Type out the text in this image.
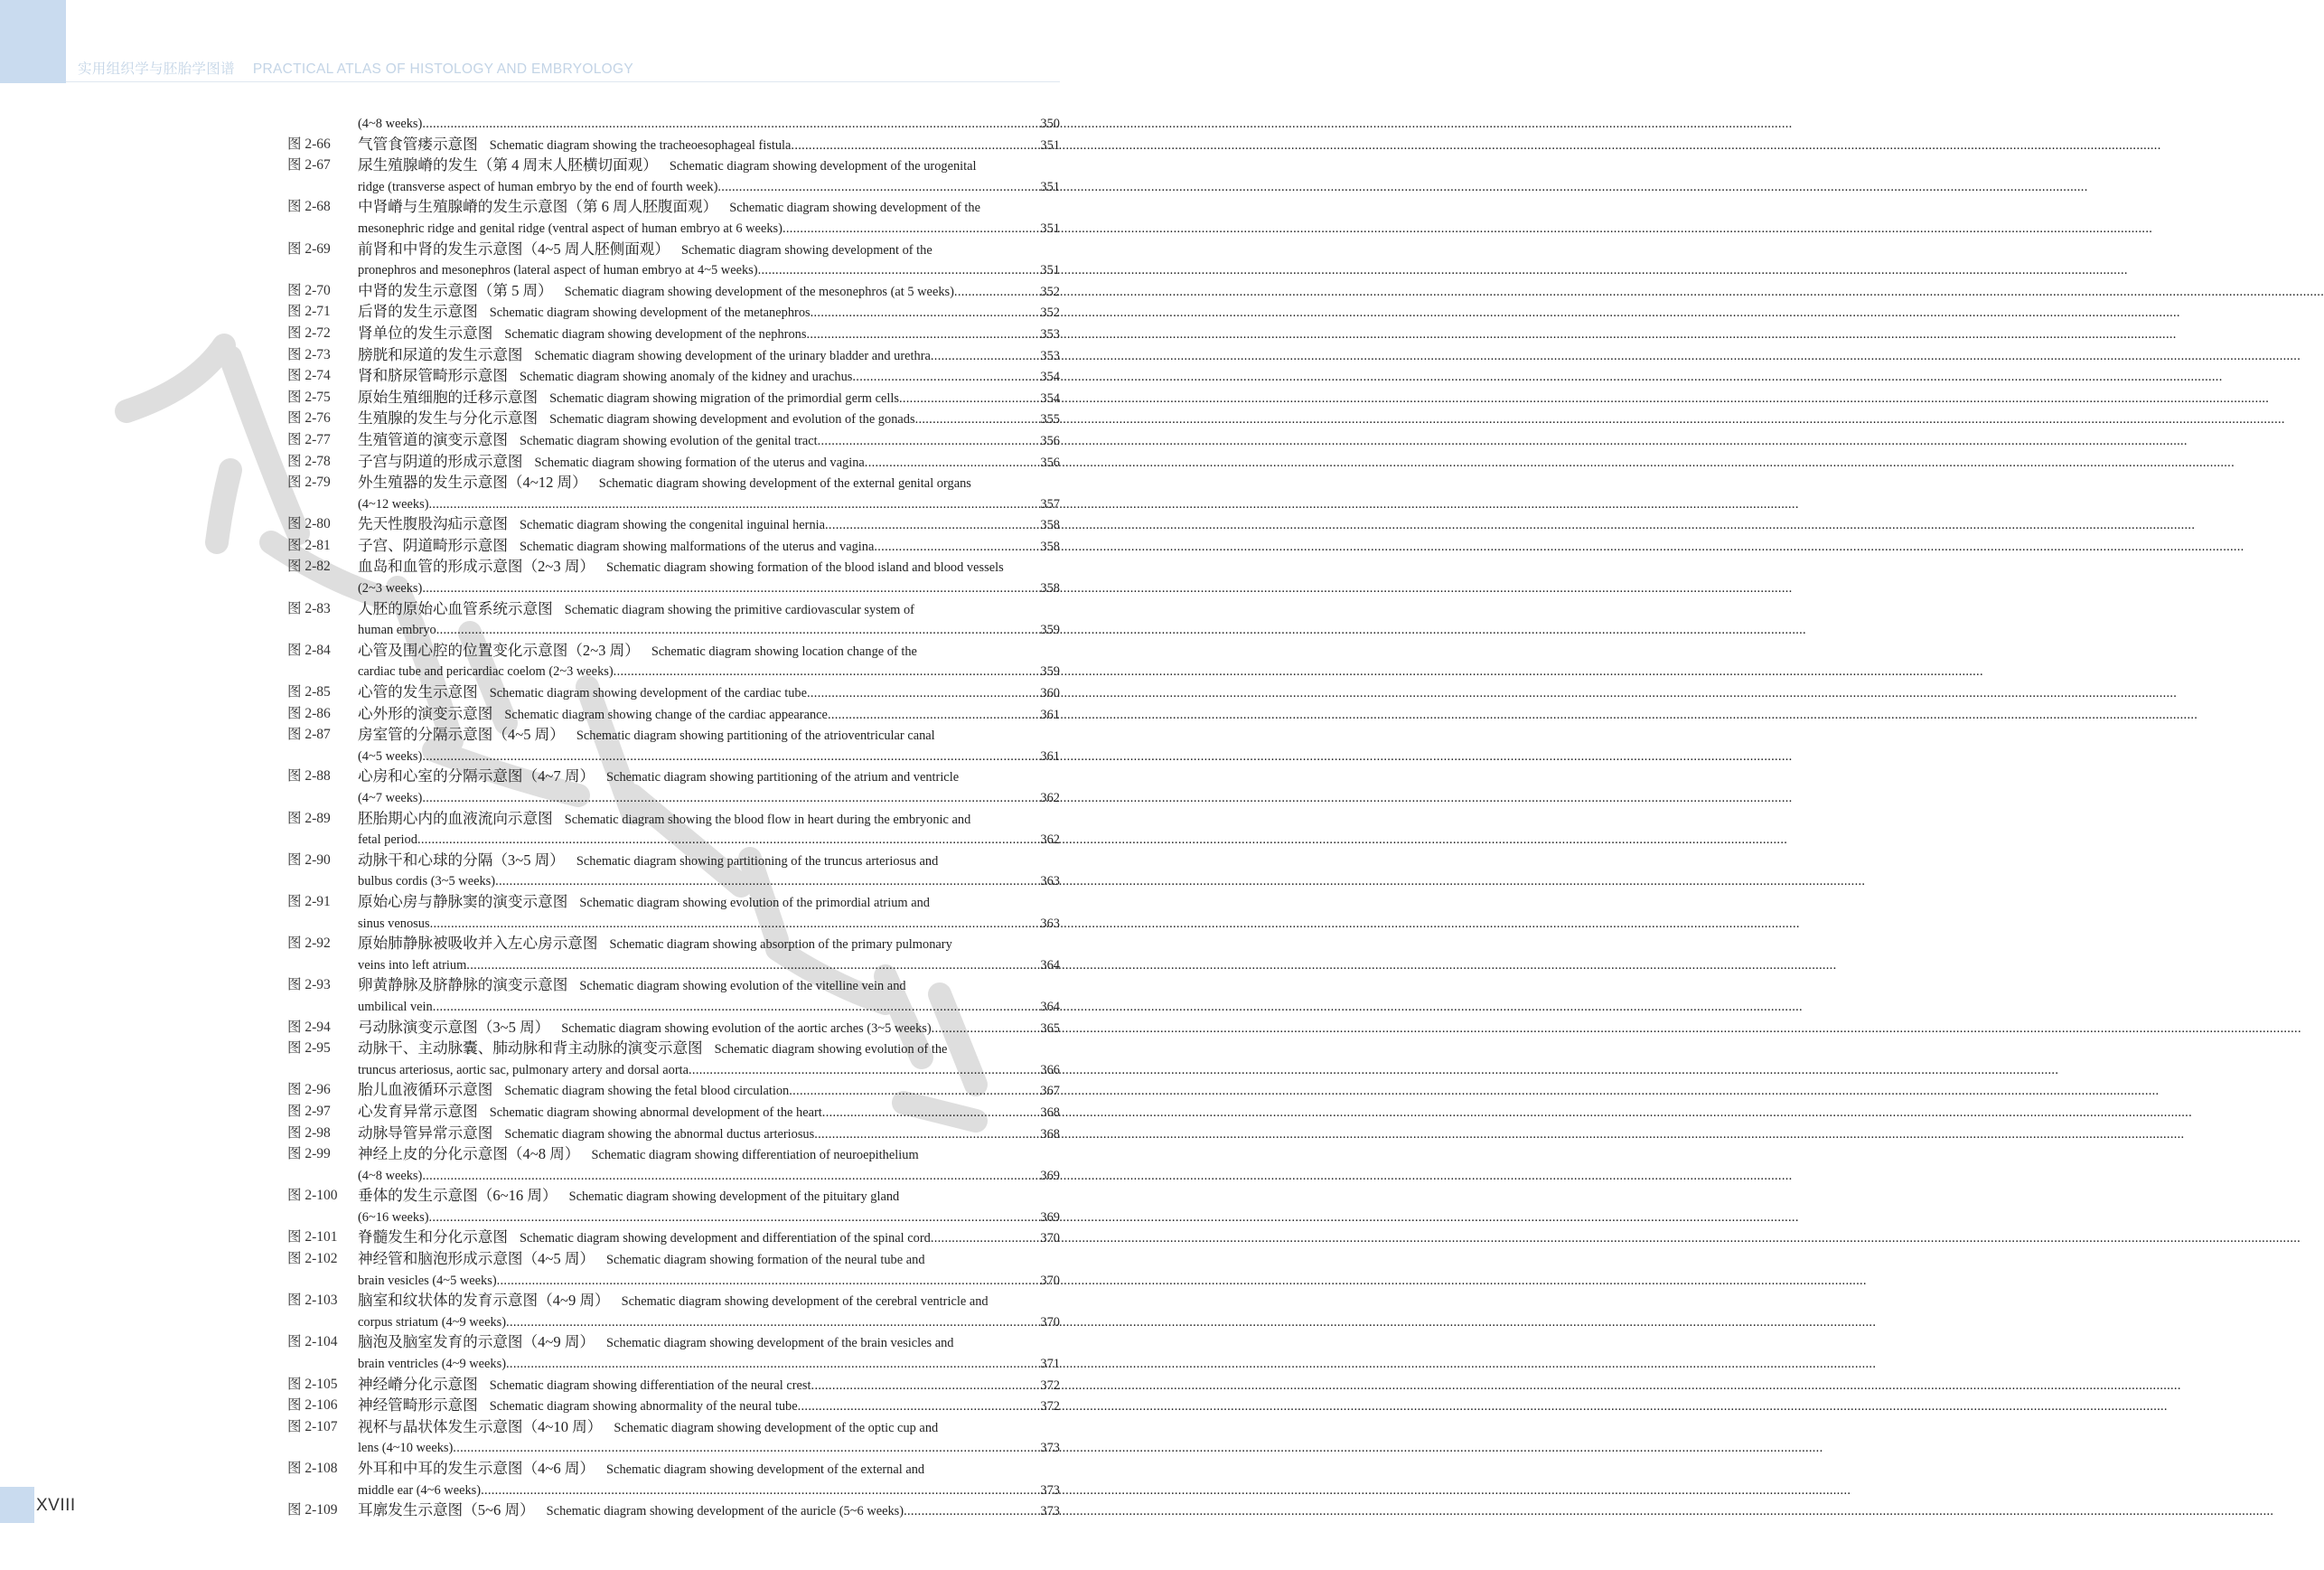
实用组织学与胚胎学图谱 PRACTICAL ATLAS OF HISTOLOGY AND EMBRYOLOGY
(4~8 weeks) .....	350
图 2-66 气管食管瘘示意图 Schematic diagram showing the tracheoesophageal fistula .....	351
图 2-67 尿生殖腺嵴的发生（第 4 周末人胚横切面观） Schematic diagram showing development of the urogenital
ridge (transverse aspect of human embryo by the end of fourth week) .....	351
图 2-68 中肾嵴与生殖腺嵴的发生示意图（第 6 周人胚腹面观） Schematic diagram showing development of the
mesonephric ridge and genital ridge (ventral aspect of human embryo at 6 weeks) .....	351
图 2-69 前肾和中肾的发生示意图（4~5 周人胚侧面观） Schematic diagram showing development of the
pronephros and mesonephros (lateral aspect of human embryo at 4~5 weeks) .....	351
图 2-70 中肾的发生示意图（第 5 周） Schematic diagram showing development of the mesonephros (at 5 weeks) .....	352
图 2-71 后肾的发生示意图 Schematic diagram showing development of the metanephros .....	352
图 2-72 肾单位的发生示意图 Schematic diagram showing development of the nephrons .....	353
图 2-73 膀胱和尿道的发生示意图 Schematic diagram showing development of the urinary bladder and urethra .....	353
图 2-74 肾和脐尿管畸形示意图 Schematic diagram showing anomaly of the kidney and urachus .....	354
图 2-75 原始生殖细胞的迁移示意图 Schematic diagram showing migration of the primordial germ cells .....	354
图 2-76 生殖腺的发生与分化示意图 Schematic diagram showing development and evolution of the gonads .....	355
图 2-77 生殖管道的演变示意图 Schematic diagram showing evolution of the genital tract .....	356
图 2-78 子宫与阴道的形成示意图 Schematic diagram showing formation of the uterus and vagina .....	356
图 2-79 外生殖器的发生示意图（4~12 周） Schematic diagram showing development of the external genital organs
(4~12 weeks) .....	357
图 2-80 先天性腹股沟疝示意图 Schematic diagram showing the congenital inguinal hernia .....	358
图 2-81 子宫、阴道畸形示意图 Schematic diagram showing malformations of the uterus and vagina .....	358
图 2-82 血岛和血管的形成示意图（2~3 周） Schematic diagram showing formation of the blood island and blood vessels
(2~3 weeks) .....	358
图 2-83 人胚的原始心血管系统示意图 Schematic diagram showing the primitive cardiovascular system of
human embryo .....	359
图 2-84 心管及围心腔的位置变化示意图（2~3 周） Schematic diagram showing location change of the
cardiac tube and pericardiac coelom (2~3 weeks) .....	359
图 2-85 心管的发生示意图 Schematic diagram showing development of the cardiac tube .....	360
图 2-86 心外形的演变示意图 Schematic diagram showing change of the cardiac appearance .....	361
图 2-87 房室管的分隔示意图（4~5 周） Schematic diagram showing partitioning of the atrioventricular canal
(4~5 weeks) .....	361
图 2-88 心房和心室的分隔示意图（4~7 周） Schematic diagram showing partitioning of the atrium and ventricle
(4~7 weeks) .....	362
图 2-89 胚胎期心内的血液流向示意图 Schematic diagram showing the blood flow in heart during the embryonic and
fetal period .....	362
图 2-90 动脉干和心球的分隔（3~5 周） Schematic diagram showing partitioning of the truncus arteriosus and
bulbus cordis (3~5 weeks) .....	363
图 2-91 原始心房与静脉窦的演变示意图 Schematic diagram showing evolution of the primordial atrium and
sinus venosus .....	363
图 2-92 原始肺静脉被吸收并入左心房示意图 Schematic diagram showing absorption of the primary pulmonary
veins into left atrium .....	364
图 2-93 卵黄静脉及脐静脉的演变示意图 Schematic diagram showing evolution of the vitelline vein and
umbilical vein .....	364
图 2-94 弓动脉演变示意图（3~5 周） Schematic diagram showing evolution of the aortic arches (3~5 weeks) .....	365
图 2-95 动脉干、主动脉囊、肺动脉和背主动脉的演变示意图 Schematic diagram showing evolution of the
truncus arteriosus, aortic sac, pulmonary artery and dorsal aorta .....	366
图 2-96 胎儿血液循环示意图 Schematic diagram showing the fetal blood circulation .....	367
图 2-97 心发育异常示意图 Schematic diagram showing abnormal development of the heart .....	368
图 2-98 动脉导管异常示意图 Schematic diagram showing the abnormal ductus arteriosus .....	368
图 2-99 神经上皮的分化示意图（4~8 周） Schematic diagram showing differentiation of neuroepithelium
(4~8 weeks) .....	369
图 2-100 垂体的发生示意图（6~16 周） Schematic diagram showing development of the pituitary gland
(6~16 weeks) .....	369
图 2-101 脊髓发生和分化示意图 Schematic diagram showing development and differentiation of the spinal cord .....	370
图 2-102 神经管和脑泡形成示意图（4~5 周） Schematic diagram showing formation of the neural tube and
brain vesicles (4~5 weeks) .....	370
图 2-103 脑室和纹状体的发育示意图（4~9 周） Schematic diagram showing development of the cerebral ventricle and
corpus striatum (4~9 weeks) .....	370
图 2-104 脑泡及脑室发育的示意图（4~9 周） Schematic diagram showing development of the brain vesicles and
brain ventricles (4~9 weeks) .....	371
图 2-105 神经嵴分化示意图 Schematic diagram showing differentiation of the neural crest .....	372
图 2-106 神经管畸形示意图 Schematic diagram showing abnormality of the neural tube .....	372
图 2-107 视杯与晶状体发生示意图（4~10 周） Schematic diagram showing development of the optic cup and
lens (4~10 weeks) .....	373
图 2-108 外耳和中耳的发生示意图（4~6 周） Schematic diagram showing development of the external and
middle ear (4~6 weeks) .....	373
图 2-109 耳廓发生示意图（5~6 周） Schematic diagram showing development of the auricle (5~6 weeks) .....	373
XVIII
